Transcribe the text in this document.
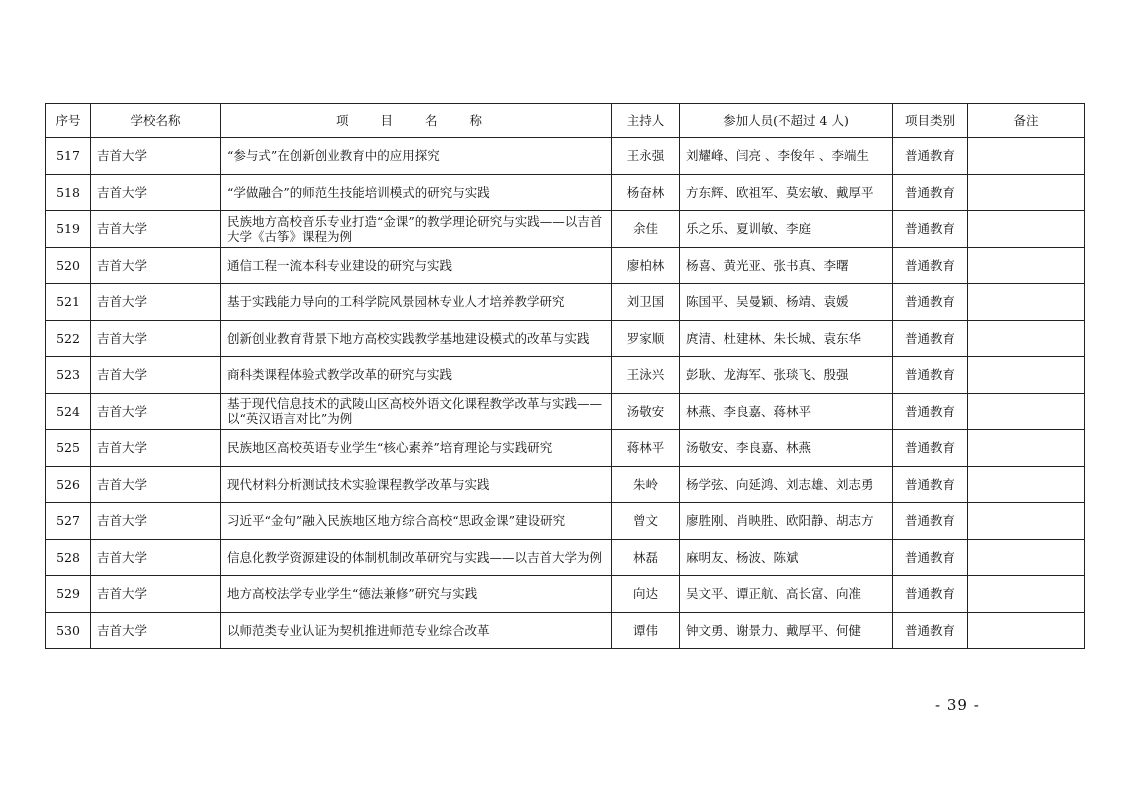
序号	学校名称	项 目 名 称	主持人	参加人员(不超过 4 人)	项目类别	备注
517	吉首大学	“参与式”在创新创业教育中的应用探究	王永强	刘耀峰、闫亮 、李俊年 、李端生	普通教育	
518	吉首大学	“学做融合”的师范生技能培训模式的研究与实践	杨奋林	方东辉、欧祖军、莫宏敏、戴厚平	普通教育	
519	吉首大学	民族地方高校音乐专业打造“金课”的教学理论研究与实践——以吉首大学《古筝》课程为例	余佳	乐之乐、夏训敏、李庭	普通教育	
520	吉首大学	通信工程一流本科专业建设的研究与实践	廖柏林	杨喜、黄光亚、张书真、李曙	普通教育	
521	吉首大学	基于实践能力导向的工科学院风景园林专业人才培养教学研究	刘卫国	陈国平、吴曼颖、杨靖、袁媛	普通教育	
522	吉首大学	创新创业教育背景下地方高校实践教学基地建设模式的改革与实践	罗家顺	庹清、杜建林、朱长城、袁东华	普通教育	
523	吉首大学	商科类课程体验式教学改革的研究与实践	王泳兴	彭耿、龙海军、张琰飞、殷强	普通教育	
524	吉首大学	基于现代信息技术的武陵山区高校外语文化课程教学改革与实践——以“英汉语言对比”为例	汤敬安	林燕、李良嘉、蒋林平	普通教育	
525	吉首大学	民族地区高校英语专业学生“核心素养”培育理论与实践研究	蒋林平	汤敬安、李良嘉、林燕	普通教育	
526	吉首大学	现代材料分析测试技术实验课程教学改革与实践	朱岭	杨学弦、向延鸿、刘志雄、刘志勇	普通教育	
527	吉首大学	习近平“金句”融入民族地区地方综合高校“思政金课”建设研究	曾文	廖胜刚、肖映胜、欧阳静、胡志方	普通教育	
528	吉首大学	信息化教学资源建设的体制机制改革研究与实践——以吉首大学为例	林磊	麻明友、杨波、陈斌	普通教育	
529	吉首大学	地方高校法学专业学生“德法兼修”研究与实践	向达	吴文平、谭正航、高长富、向准	普通教育	
530	吉首大学	以师范类专业认证为契机推进师范专业综合改革	谭伟	钟文勇、谢景力、戴厚平、何健	普通教育	
- 39 -
